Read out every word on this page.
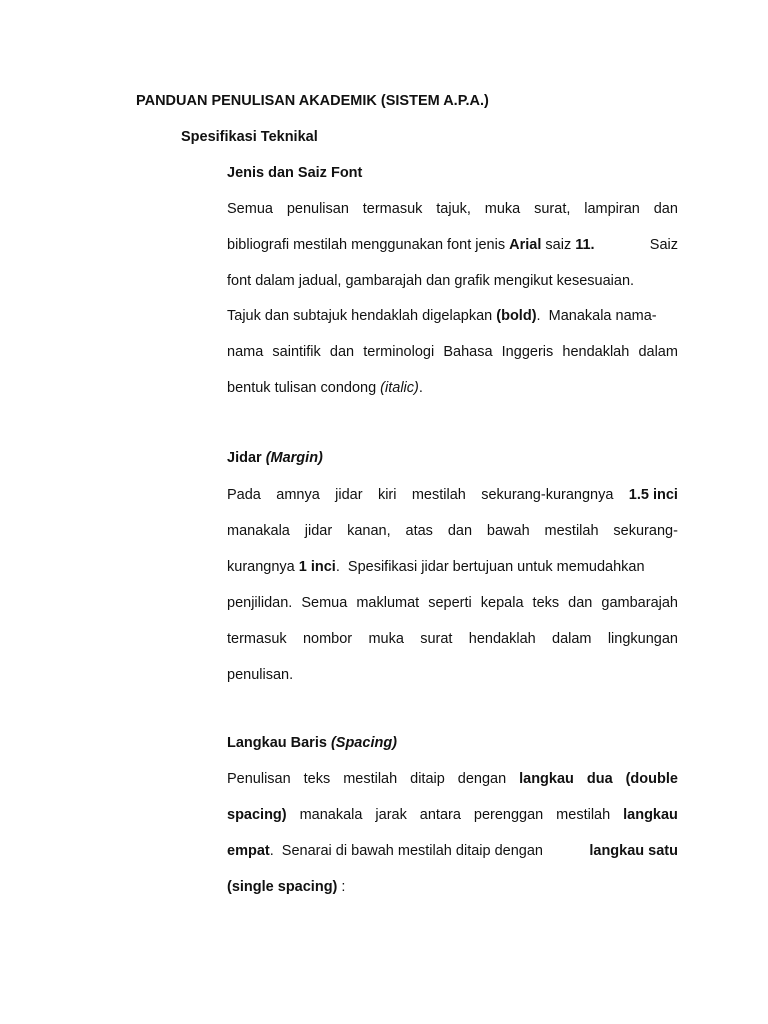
PANDUAN PENULISAN AKADEMIK (SISTEM A.P.A.)
Spesifikasi Teknikal
Jenis dan Saiz Font
Semua penulisan termasuk tajuk, muka surat, lampiran dan
bibliografi mestilah menggunakan font jenis Arial saiz 11.	Saiz
font dalam jadual, gambarajah dan grafik mengikut kesesuaian.
Tajuk dan subtajuk hendaklah digelapkan (bold).  Manakala nama-
nama saintifik dan terminologi Bahasa Inggeris hendaklah dalam
bentuk tulisan condong (italic).
Jidar (Margin)
Pada amnya jidar kiri mestilah sekurang-kurangnya 1.5 inci
manakala jidar kanan, atas dan bawah mestilah sekurang-
kurangnya 1 inci.  Spesifikasi jidar bertujuan untuk memudahkan
penjilidan. Semua maklumat seperti kepala teks dan gambarajah
termasuk nombor muka surat hendaklah dalam lingkungan
penulisan.
Langkau Baris (Spacing)
Penulisan teks mestilah ditaip dengan langkau dua (double
spacing) manakala jarak antara perenggan mestilah langkau
empat.  Senarai di bawah mestilah ditaip dengan	langkau satu
(single spacing) :
